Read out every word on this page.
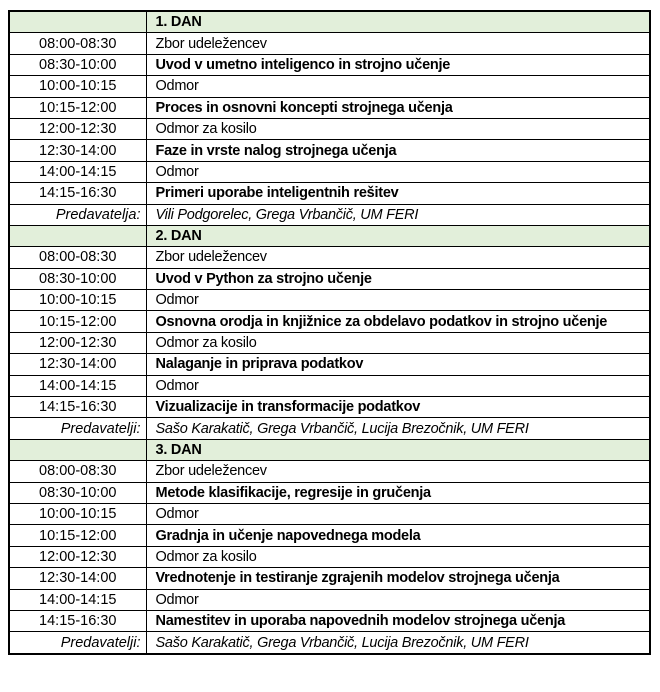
	1. DAN
08:00-08:30	Zbor udeležencev
08:30-10:00	Uvod v umetno inteligenco in strojno učenje
10:00-10:15	Odmor
10:15-12:00	Proces in osnovni koncepti strojnega učenja
12:00-12:30	Odmor za kosilo
12:30-14:00	Faze in vrste nalog strojnega učenja
14:00-14:15	Odmor
14:15-16:30	Primeri uporabe inteligentnih rešitev
Predavatelja:	Vili Podgorelec, Grega Vrbančič, UM FERI
	2. DAN
08:00-08:30	Zbor udeležencev
08:30-10:00	Uvod v Python za strojno učenje
10:00-10:15	Odmor
10:15-12:00	Osnovna orodja in knjižnice za obdelavo podatkov in strojno učenje
12:00-12:30	Odmor za kosilo
12:30-14:00	Nalaganje in priprava podatkov
14:00-14:15	Odmor
14:15-16:30	Vizualizacije in transformacije podatkov
Predavatelji:	Sašo Karakatič, Grega Vrbančič, Lucija Brezočnik, UM FERI
	3. DAN
08:00-08:30	Zbor udeležencev
08:30-10:00	Metode klasifikacije, regresije in gručenja
10:00-10:15	Odmor
10:15-12:00	Gradnja in učenje napovednega modela
12:00-12:30	Odmor za kosilo
12:30-14:00	Vrednotenje in testiranje zgrajenih modelov strojnega učenja
14:00-14:15	Odmor
14:15-16:30	Namestitev in uporaba napovednih modelov strojnega učenja
Predavatelji:	Sašo Karakatič, Grega Vrbančič, Lucija Brezočnik, UM FERI
